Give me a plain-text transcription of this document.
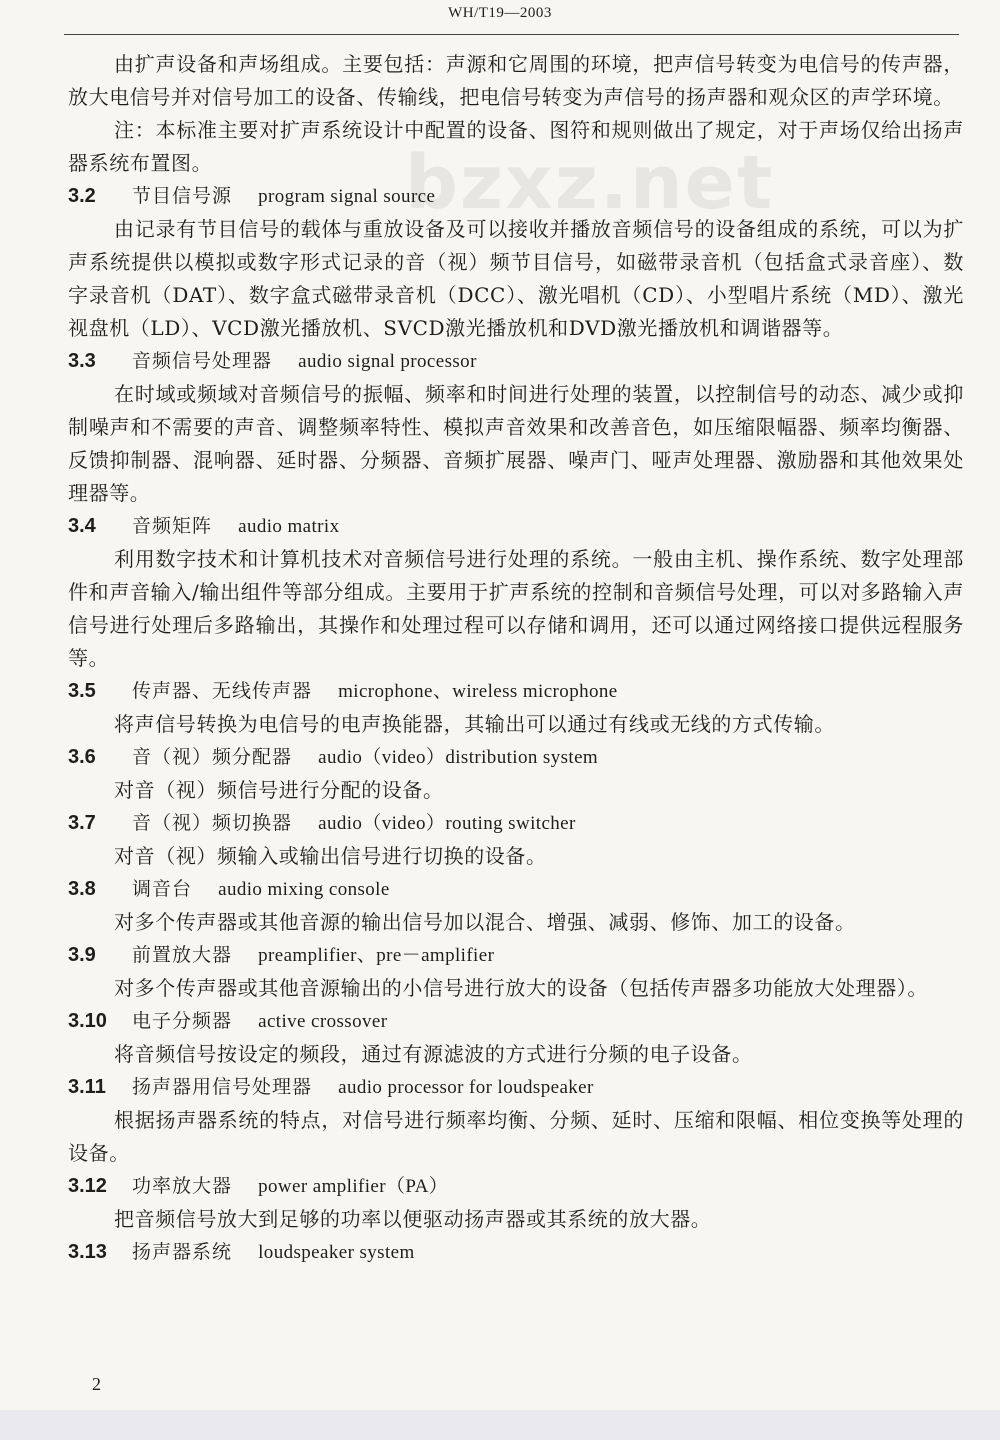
WH/T19—2003
bzxz.net

由扩声设备和声场组成。主要包括：声源和它周围的环境，把声信号转变为电信号的传声器，放大电信号并对信号加工的设备、传输线，把电信号转变为声信号的扬声器和观众区的声学环境。

注：本标准主要对扩声系统设计中配置的设备、图符和规则做出了规定，对于声场仅给出扬声器系统布置图。

3.2 节目信号源 program signal source

由记录有节目信号的载体与重放设备及可以接收并播放音频信号的设备组成的系统，可以为扩声系统提供以模拟或数字形式记录的音（视）频节目信号，如磁带录音机（包括盒式录音座）、数字录音机（DAT）、数字盒式磁带录音机（DCC）、激光唱机（CD）、小型唱片系统（MD）、激光视盘机（LD）、VCD激光播放机、SVCD激光播放机和DVD激光播放机和调谐器等。

3.3 音频信号处理器 audio signal processor

在时域或频域对音频信号的振幅、频率和时间进行处理的装置，以控制信号的动态、减少或抑制噪声和不需要的声音、调整频率特性、模拟声音效果和改善音色，如压缩限幅器、频率均衡器、反馈抑制器、混响器、延时器、分频器、音频扩展器、噪声门、哑声处理器、激励器和其他效果处理器等。

3.4 音频矩阵 audio matrix

利用数字技术和计算机技术对音频信号进行处理的系统。一般由主机、操作系统、数字处理部件和声音输入/输出组件等部分组成。主要用于扩声系统的控制和音频信号处理，可以对多路输入声信号进行处理后多路输出，其操作和处理过程可以存储和调用，还可以通过网络接口提供远程服务等。

3.5 传声器、无线传声器 microphone、wireless microphone

将声信号转换为电信号的电声换能器，其输出可以通过有线或无线的方式传输。

3.6 音（视）频分配器 audio（video）distribution system

对音（视）频信号进行分配的设备。

3.7 音（视）频切换器 audio（video）routing switcher

对音（视）频输入或输出信号进行切换的设备。

3.8 调音台 audio mixing console

对多个传声器或其他音源的输出信号加以混合、增强、减弱、修饰、加工的设备。

3.9 前置放大器 preamplifier、pre－amplifier

对多个传声器或其他音源输出的小信号进行放大的设备（包括传声器多功能放大处理器）。

3.10 电子分频器 active crossover

将音频信号按设定的频段，通过有源滤波的方式进行分频的电子设备。

3.11 扬声器用信号处理器 audio processor for loudspeaker

根据扬声器系统的特点，对信号进行频率均衡、分频、延时、压缩和限幅、相位变换等处理的设备。

3.12 功率放大器 power amplifier（PA）

把音频信号放大到足够的功率以便驱动扬声器或其系统的放大器。

3.13 扬声器系统 loudspeaker system

2
